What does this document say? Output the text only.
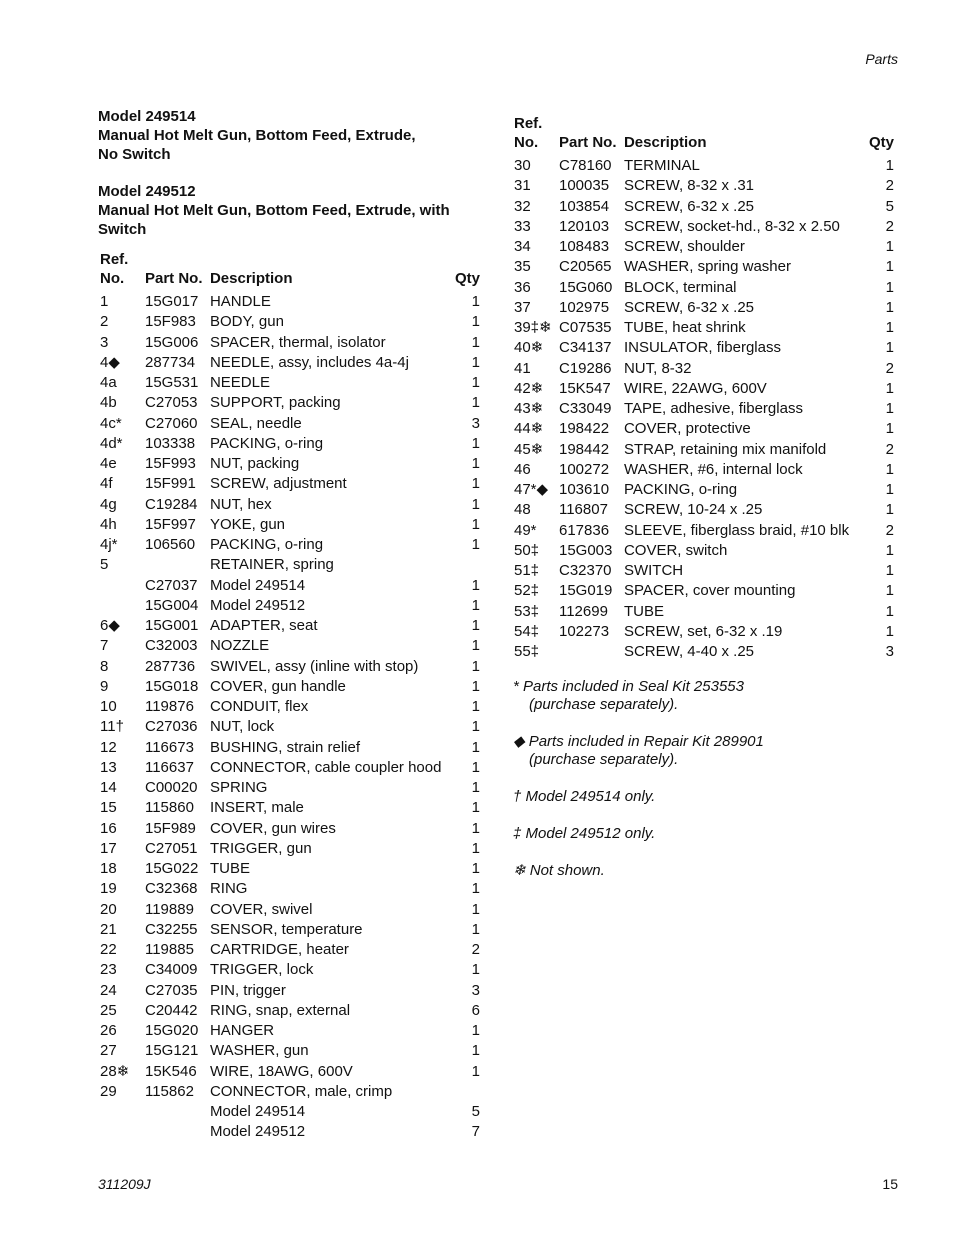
Parts
Model 249514
Manual Hot Melt Gun, Bottom Feed, Extrude,
No Switch
Model 249512
Manual Hot Melt Gun, Bottom Feed, Extrude, with
Switch
Ref.
No.	Part No.	Description	Qty
1	15G017	HANDLE	1
2	15F983	BODY, gun	1
3	15G006	SPACER, thermal, isolator	1
4◆	287734	NEEDLE, assy, includes 4a-4j	1
4a	15G531	NEEDLE	1
4b	C27053	SUPPORT, packing	1
4c*	C27060	SEAL, needle	3
4d*	103338	PACKING, o-ring	1
4e	15F993	NUT, packing	1
4f	15F991	SCREW, adjustment	1
4g	C19284	NUT, hex	1
4h	15F997	YOKE, gun	1
4j*	106560	PACKING, o-ring	1
5		RETAINER, spring	
	C27037	Model 249514	1
	15G004	Model 249512	1
6◆	15G001	ADAPTER, seat	1
7	C32003	NOZZLE	1
8	287736	SWIVEL, assy (inline with stop)	1
9	15G018	COVER, gun handle	1
10	119876	CONDUIT, flex	1
11†	C27036	NUT, lock	1
12	116673	BUSHING, strain relief	1
13	116637	CONNECTOR, cable coupler hood	1
14	C00020	SPRING	1
15	115860	INSERT, male	1
16	15F989	COVER, gun wires	1
17	C27051	TRIGGER, gun	1
18	15G022	TUBE	1
19	C32368	RING	1
20	119889	COVER, swivel	1
21	C32255	SENSOR, temperature	1
22	119885	CARTRIDGE, heater	2
23	C34009	TRIGGER, lock	1
24	C27035	PIN, trigger	3
25	C20442	RING, snap, external	6
26	15G020	HANGER	1
27	15G121	WASHER, gun	1
28❄	15K546	WIRE, 18AWG, 600V	1
29	115862	CONNECTOR, male, crimp	
		Model 249514	5
		Model 249512	7
Ref.
No.	Part No.	Description	Qty
30	C78160	TERMINAL	1
31	100035	SCREW, 8-32 x .31	2
32	103854	SCREW, 6-32 x .25	5
33	120103	SCREW, socket-hd., 8-32 x 2.50	2
34	108483	SCREW, shoulder	1
35	C20565	WASHER, spring washer	1
36	15G060	BLOCK, terminal	1
37	102975	SCREW, 6-32 x .25	1
39‡❄	C07535	TUBE, heat shrink	1
40❄	C34137	INSULATOR, fiberglass	1
41	C19286	NUT, 8-32	2
42❄	15K547	WIRE, 22AWG, 600V	1
43❄	C33049	TAPE, adhesive, fiberglass	1
44❄	198422	COVER, protective	1
45❄	198442	STRAP, retaining mix manifold	2
46	100272	WASHER, #6, internal lock	1
47*◆	103610	PACKING, o-ring	1
48	116807	SCREW, 10-24 x .25	1
49*	617836	SLEEVE, fiberglass braid, #10 blk	2
50‡	15G003	COVER, switch	1
51‡	C32370	SWITCH	1
52‡	15G019	SPACER, cover mounting	1
53‡	112699	TUBE	1
54‡	102273	SCREW, set, 6-32 x .19	1
55‡		SCREW, 4-40 x .25	3
* Parts included in Seal Kit 253553
(purchase separately).
◆ Parts included in Repair Kit 289901
(purchase separately).
† Model 249514 only.
‡ Model 249512 only.
❄ Not shown.
311209J	15
